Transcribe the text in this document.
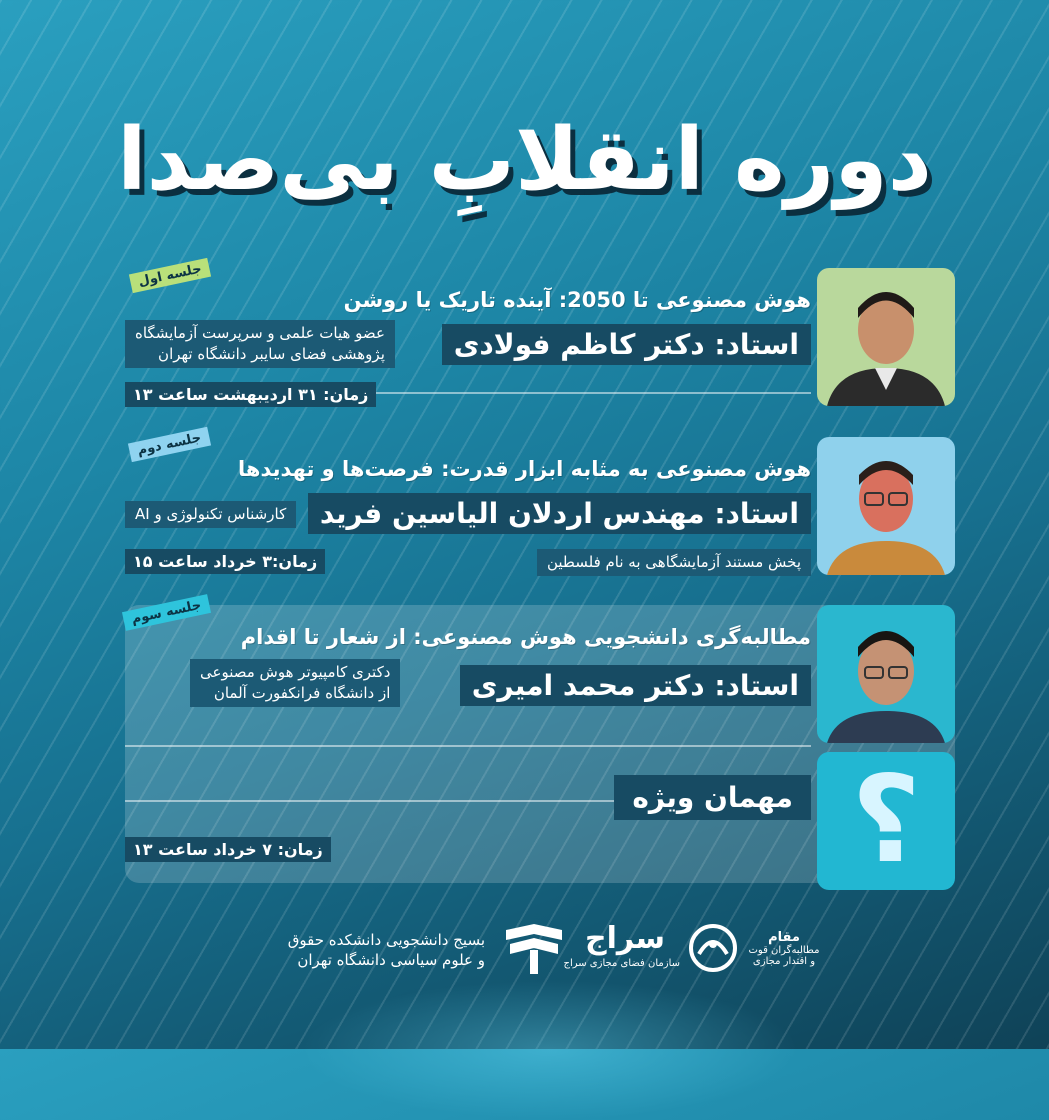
دوره انقلابِ بی‌صدا
جلسه اول
هوش مصنوعی تا 2050: آینده تاریک یا روشن
استاد: دکتر کاظم فولادی
عضو هیات علمی و سرپرست آزمایشگاه
پژوهشی فضای سایبر دانشگاه تهران
زمان: ۳۱ اردیبهشت ساعت ۱۳
جلسه دوم
هوش مصنوعی به مثابه ابزار قدرت: فرصت‌ها و تهدیدها
استاد: مهندس اردلان الیاسین فرید
کارشناس تکنولوژی و AI
پخش مستند آزمایشگاهی به نام فلسطین
زمان:۳ خرداد ساعت ۱۵
جلسه سوم
مطالبه‌گری دانشجویی هوش مصنوعی: از شعار تا اقدام
استاد: دکتر محمد امیری
دکتری کامپیوتر هوش مصنوعی
از دانشگاه فرانکفورت آلمان
؟
مهمان ویژه
زمان: ۷ خرداد ساعت ۱۳
بسیج دانشجویی دانشکده حقوق
و علوم سیاسی دانشگاه تهران
سراج
سازمان فضای مجازی سراج
مقام
مطالبه‌گران قوت
و اقتدار مجازی
